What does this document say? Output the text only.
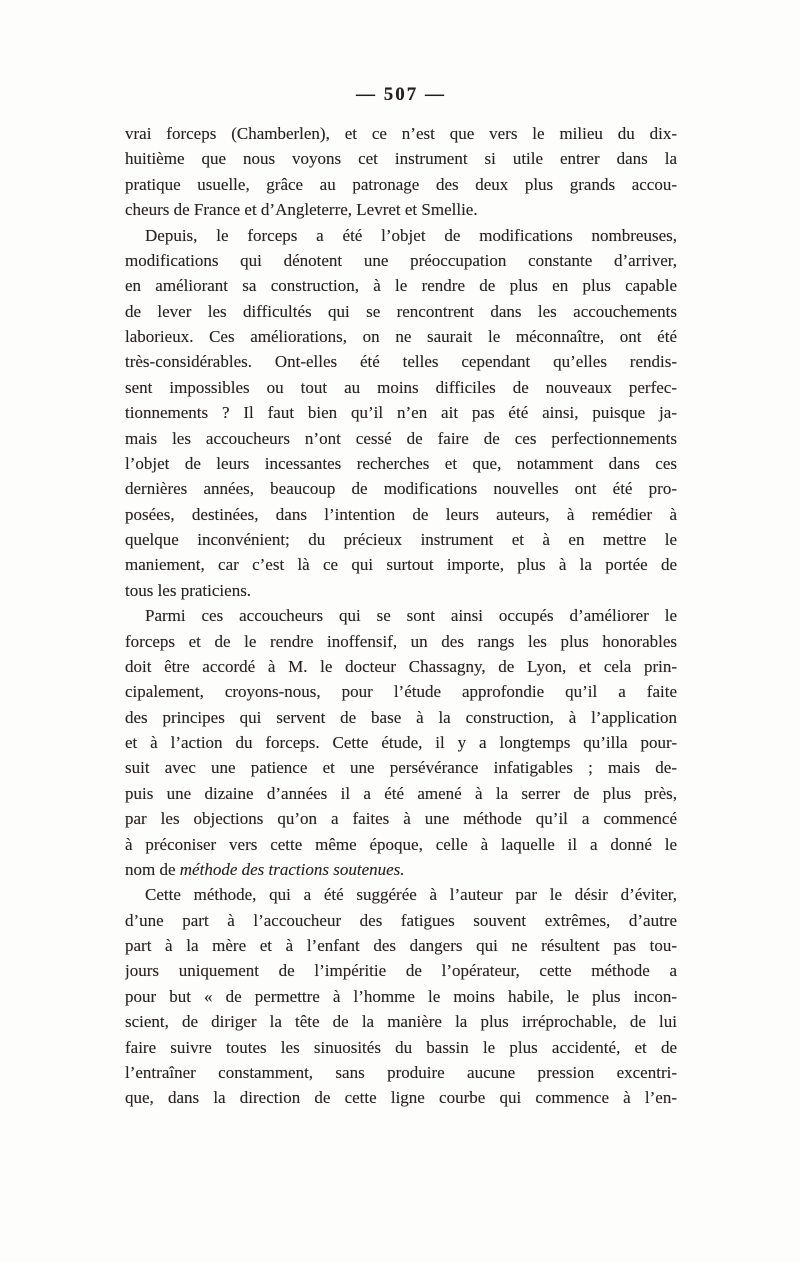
— 507 —
vrai forceps (Chamberlen), et ce n’est que vers le milieu du dix-
huitième que nous voyons cet instrument si utile entrer dans la
pratique usuelle, grâce au patronage des deux plus grands accou-
cheurs de France et d’Angleterre, Levret et Smellie.
Depuis, le forceps a été l’objet de modifications nombreuses,
modifications qui dénotent une préoccupation constante d’arriver,
en améliorant sa construction, à le rendre de plus en plus capable
de lever les difficultés qui se rencontrent dans les accouchements
laborieux. Ces améliorations, on ne saurait le méconnaître, ont été
très-considérables. Ont-elles été telles cependant qu’elles rendis-
sent impossibles ou tout au moins difficiles de nouveaux perfec-
tionnements ? Il faut bien qu’il n’en ait pas été ainsi, puisque ja-
mais les accoucheurs n’ont cessé de faire de ces perfectionnements
l’objet de leurs incessantes recherches et que, notamment dans ces
dernières années, beaucoup de modifications nouvelles ont été pro-
posées, destinées, dans l’intention de leurs auteurs, à remédier à
quelque inconvénient; du précieux instrument et à en mettre le
maniement, car c’est là ce qui surtout importe, plus à la portée de
tous les praticiens.
Parmi ces accoucheurs qui se sont ainsi occupés d’améliorer le
forceps et de le rendre inoffensif, un des rangs les plus honorables
doit être accordé à M. le docteur Chassagny, de Lyon, et cela prin-
cipalement, croyons-nous, pour l’étude approfondie qu’il a faite
des principes qui servent de base à la construction, à l’application
et à l’action du forceps. Cette étude, il y a longtemps qu’illa pour-
suit avec une patience et une persévérance infatigables ; mais de-
puis une dizaine d’années il a été amené à la serrer de plus près,
par les objections qu’on a faites à une méthode qu’il a commencé
à préconiser vers cette même époque, celle à laquelle il a donné le
nom de méthode des tractions soutenues.
Cette méthode, qui a été suggérée à l’auteur par le désir d’éviter,
d’une part à l’accoucheur des fatigues souvent extrêmes, d’autre
part à la mère et à l’enfant des dangers qui ne résultent pas tou-
jours uniquement de l’impéritie de l’opérateur, cette méthode a
pour but « de permettre à l’homme le moins habile, le plus incon-
scient, de diriger la tête de la manière la plus irréprochable, de lui
faire suivre toutes les sinuosités du bassin le plus accidenté, et de
l’entraîner constamment, sans produire aucune pression excentri-
que, dans la direction de cette ligne courbe qui commence à l’en-
